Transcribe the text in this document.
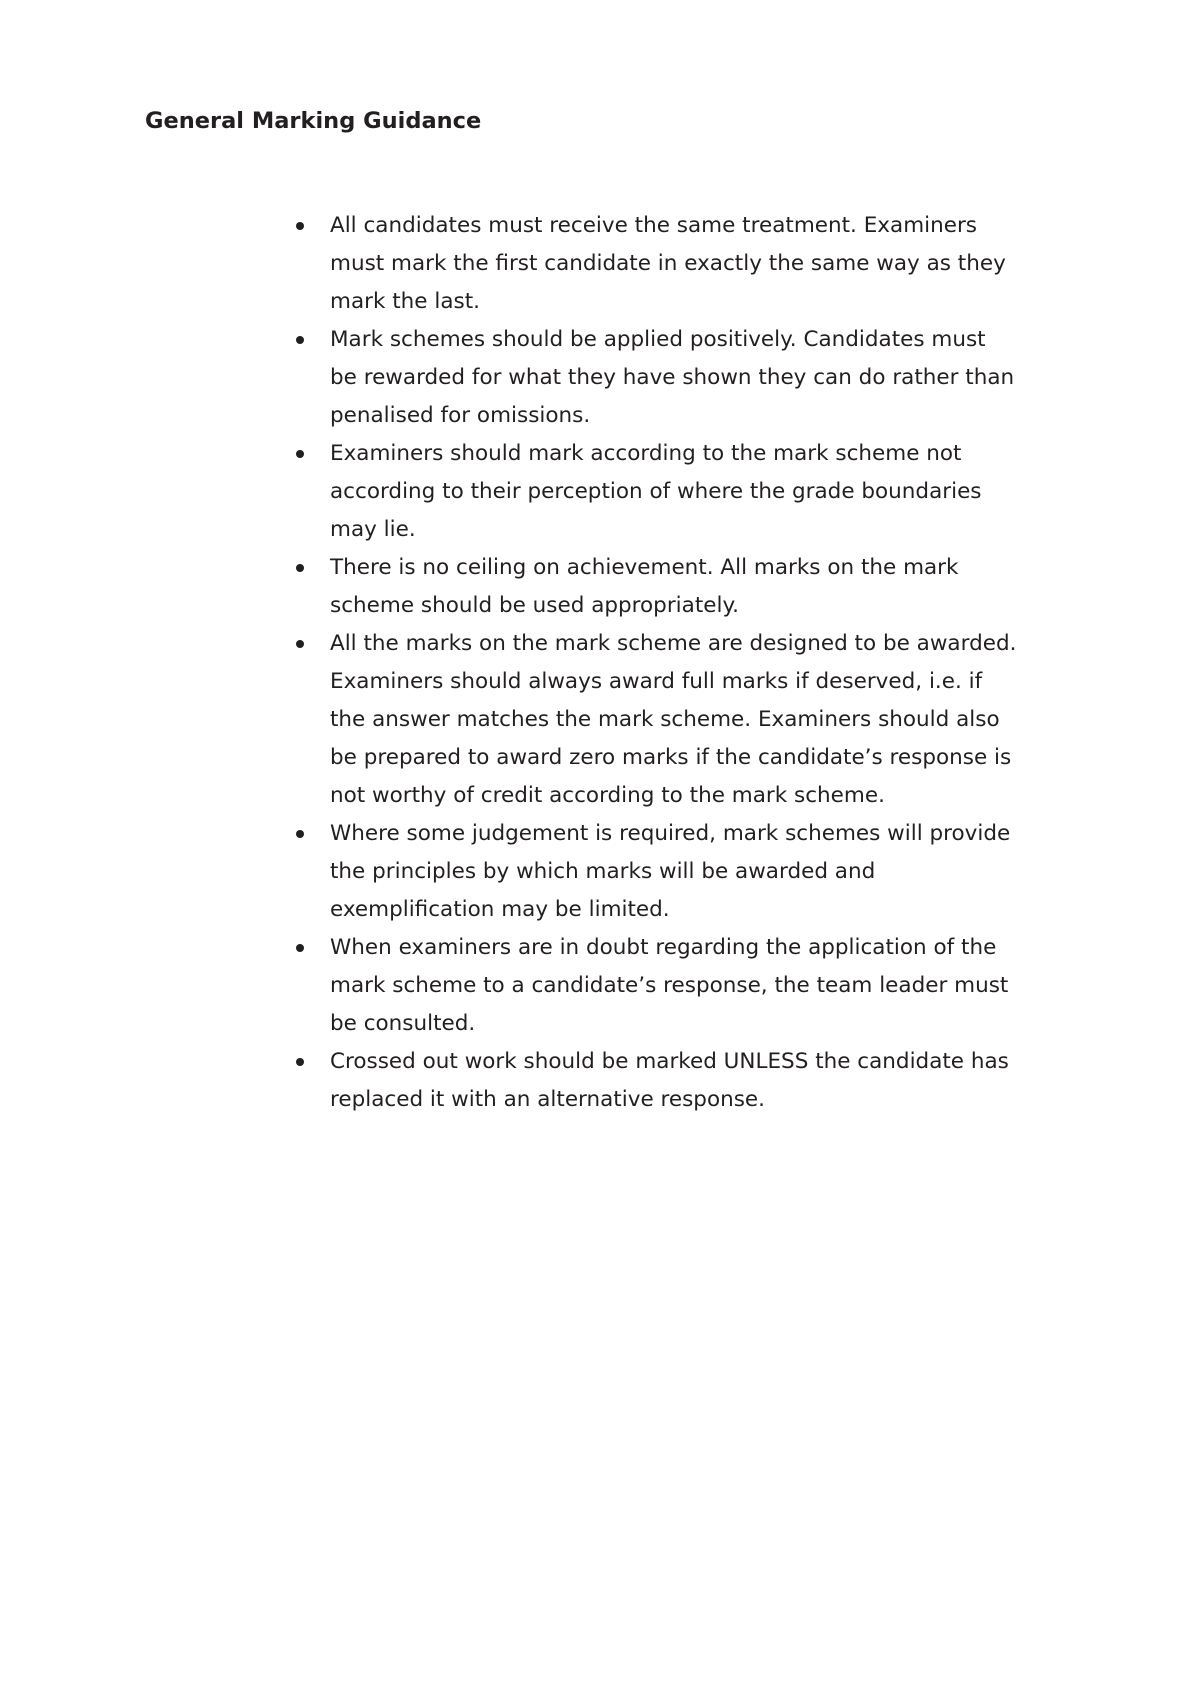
General Marking Guidance
All candidates must receive the same treatment. Examiners
must mark the first candidate in exactly the same way as they
mark the last.
Mark schemes should be applied positively. Candidates must
be rewarded for what they have shown they can do rather than
penalised for omissions.
Examiners should mark according to the mark scheme not
according to their perception of where the grade boundaries
may lie.
There is no ceiling on achievement. All marks on the mark
scheme should be used appropriately.
All the marks on the mark scheme are designed to be awarded.
Examiners should always award full marks if deserved, i.e. if
the answer matches the mark scheme. Examiners should also
be prepared to award zero marks if the candidate’s response is
not worthy of credit according to the mark scheme.
Where some judgement is required, mark schemes will provide
the principles by which marks will be awarded and
exemplification may be limited.
When examiners are in doubt regarding the application of the
mark scheme to a candidate’s response, the team leader must
be consulted.
Crossed out work should be marked UNLESS the candidate has
replaced it with an alternative response.
